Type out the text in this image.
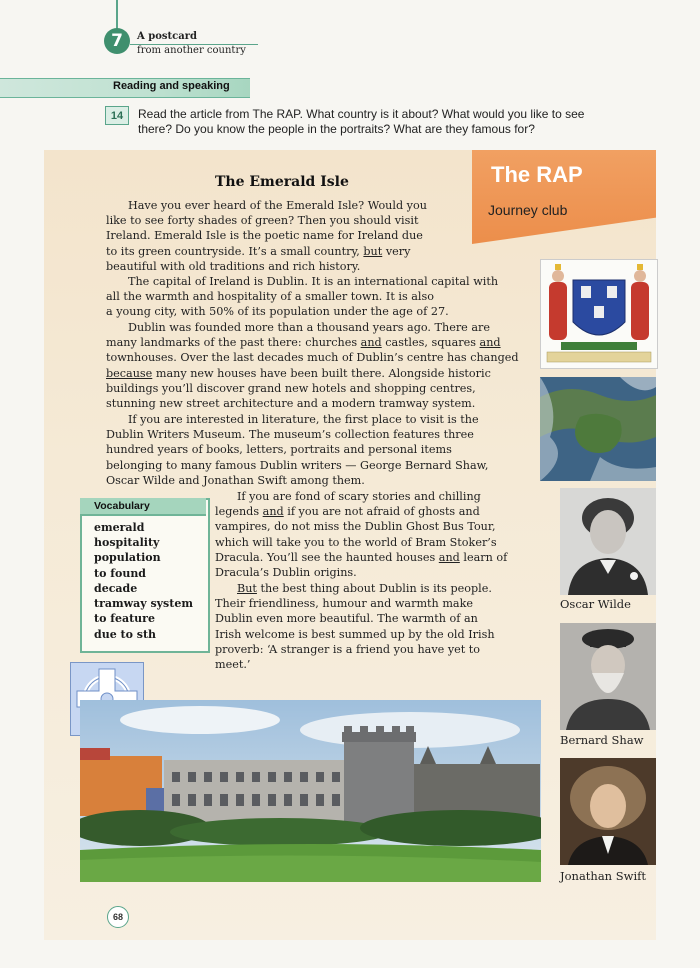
7	A postcard
from another country
Reading and speaking
14	Read the article from The RAP. What country is it about? What would you like to see
there? Do you know the people in the portraits? What are they famous for?
The RAP
Journey club
The Emerald Isle
Have you ever heard of the Emerald Isle? Would you
like to see forty shades of green? Then you should visit
Ireland. Emerald Isle is the poetic name for Ireland due
to its green countryside. It’s a small country, but very
beautiful with old traditions and rich history.
The capital of Ireland is Dublin. It is an international capital with
all the warmth and hospitality of a smaller town. It is also
a young city, with 50% of its population under the age of 27.
Dublin was founded more than a thousand years ago. There are
many landmarks of the past there: churches and castles, squares and
townhouses. Over the last decades much of Dublin’s centre has changed
because many new houses have been built there. Alongside historic
buildings you’ll discover grand new hotels and shopping centres,
stunning new street architecture and a modern tramway system.
If you are interested in literature, the first place to visit is the
Dublin Writers Museum. The museum’s collection features three
hundred years of books, letters, portraits and personal items
belonging to many famous Dublin writers — George Bernard Shaw,
Oscar Wilde and Jonathan Swift among them.
Vocabulary
emerald
hospitality
population
to found
decade
tramway system
to feature
due to sth
If you are fond of scary stories and chilling
legends and if you are not afraid of ghosts and
vampires, do not miss the Dublin Ghost Bus Tour,
which will take you to the world of Bram Stoker’s
Dracula. You’ll see the haunted houses and learn of
Dracula’s Dublin origins.
But the best thing about Dublin is its people.
Their friendliness, humour and warmth make
Dublin even more beautiful. The warmth of an
Irish welcome is best summed up by the old Irish
proverb: ‘A stranger is a friend you have yet to
meet.’
Oscar Wilde
Bernard Shaw
Jonathan Swift
68
